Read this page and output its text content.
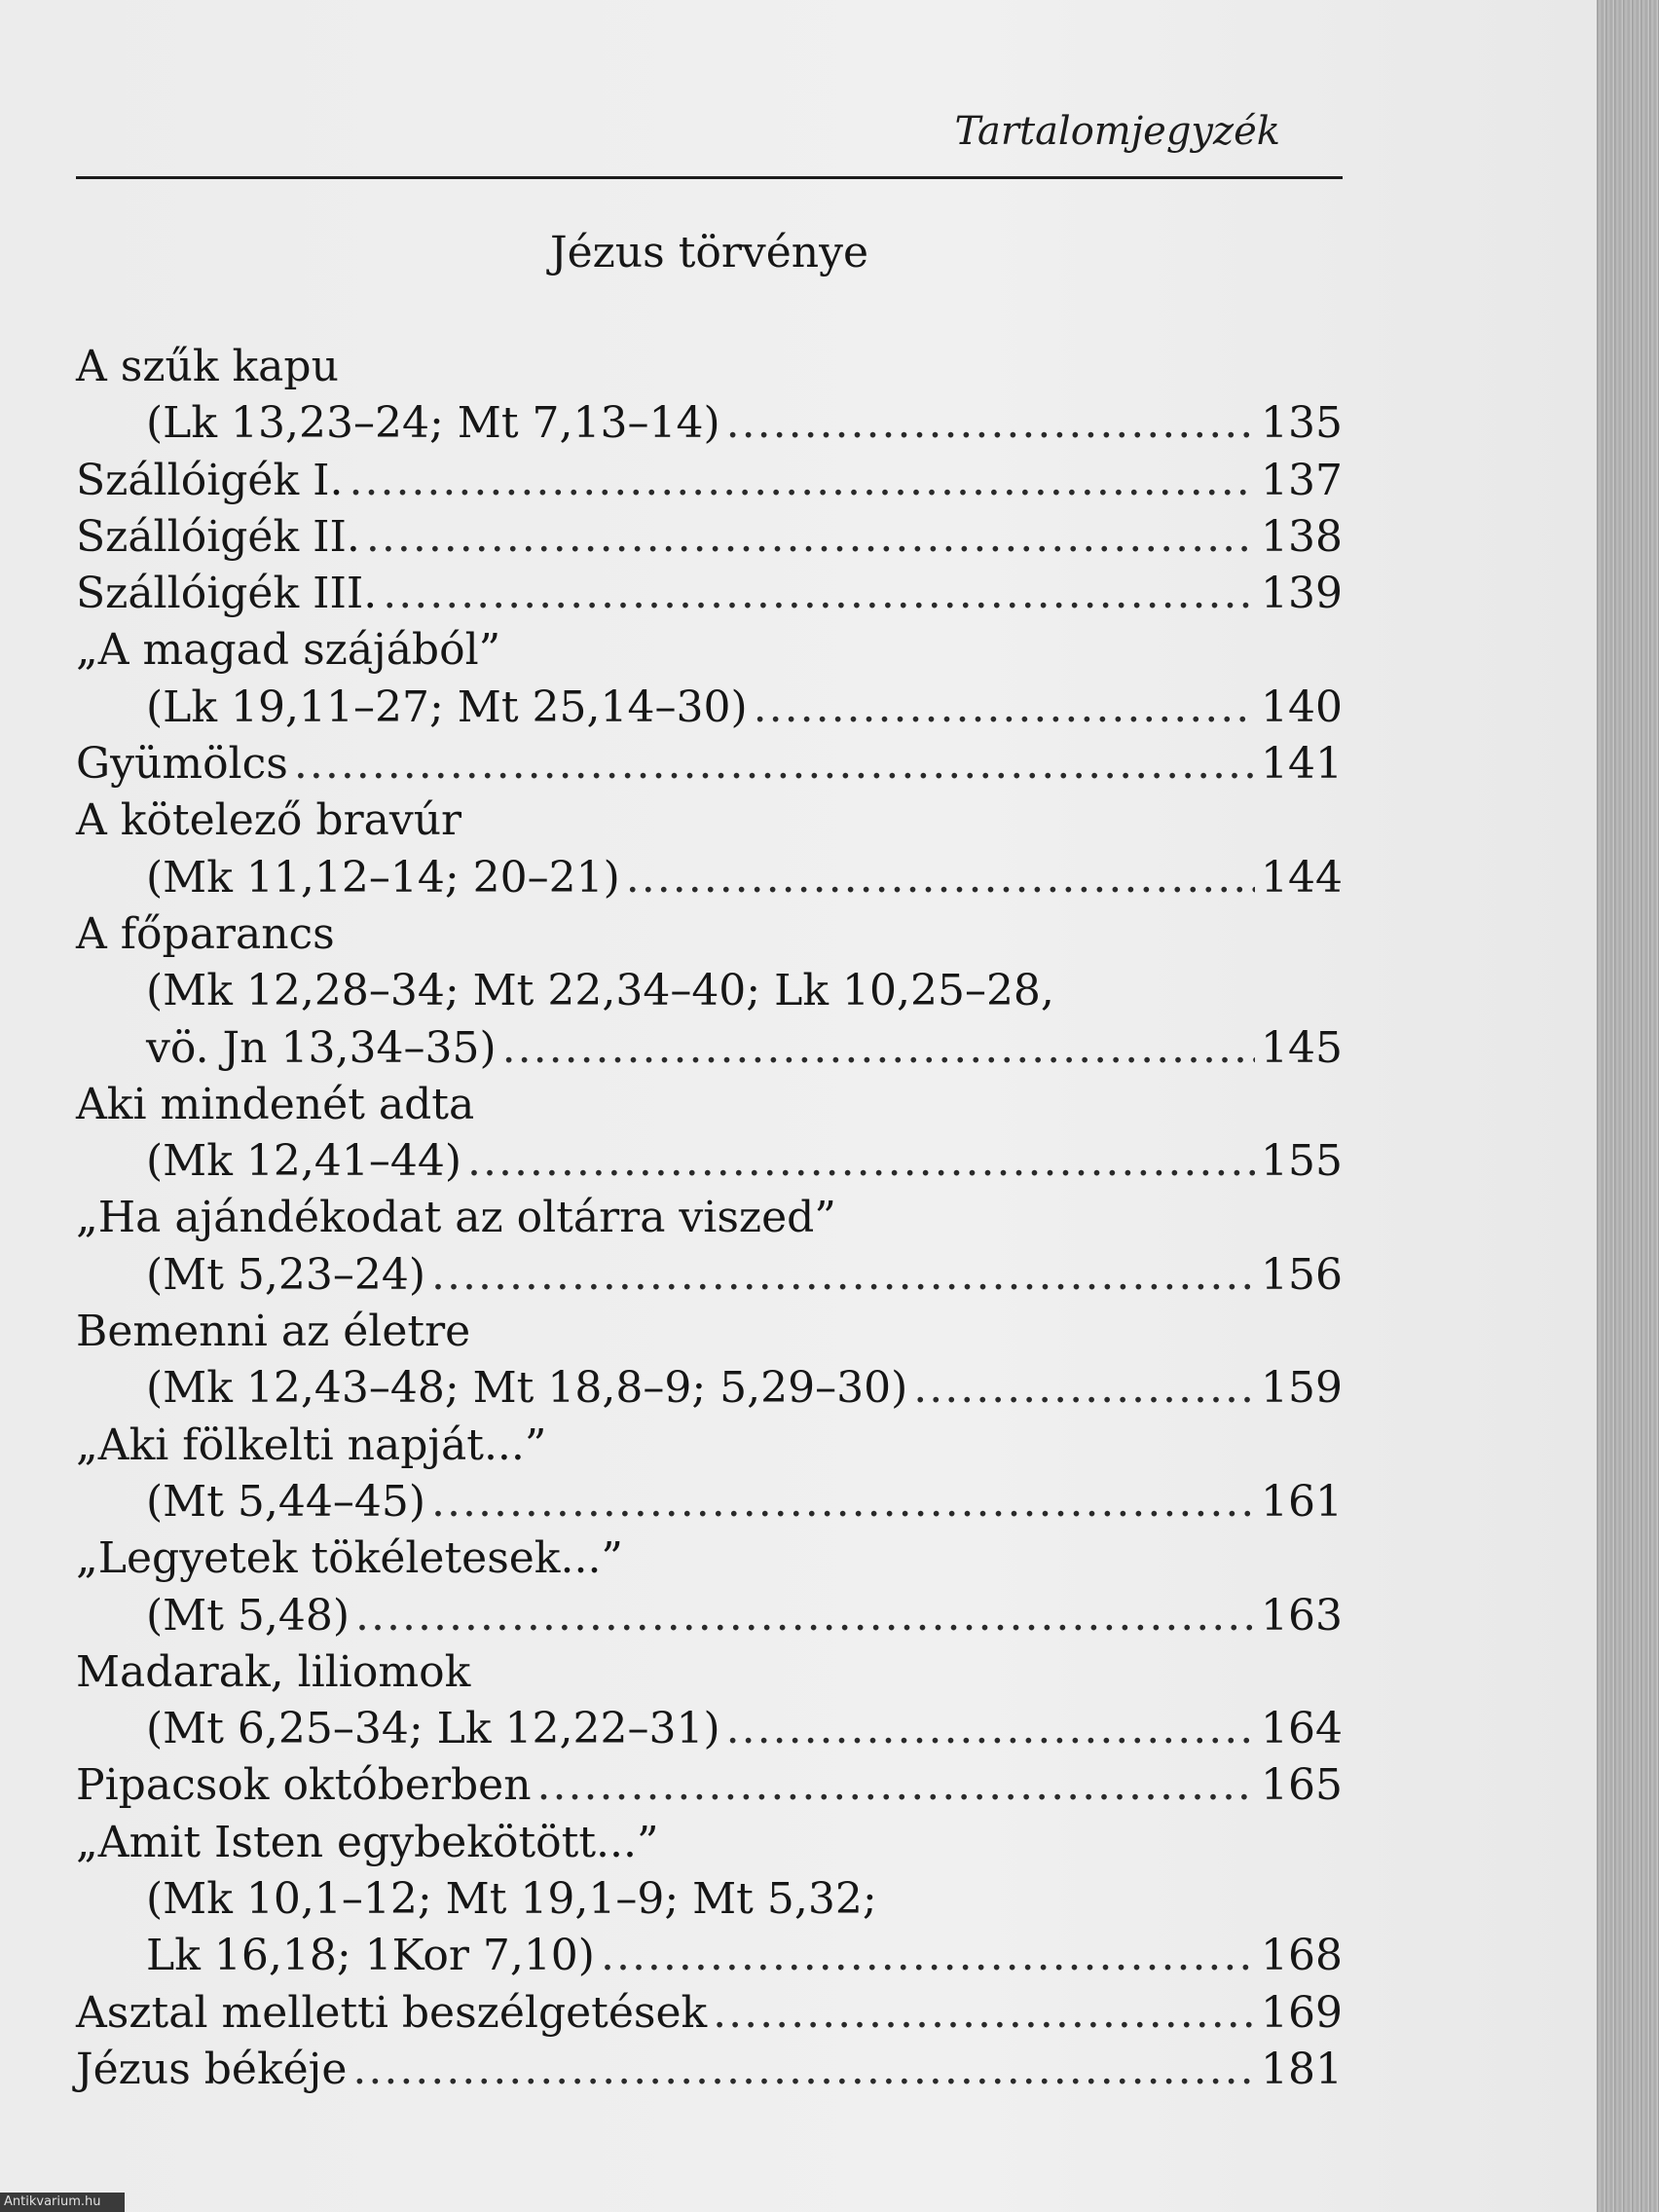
Tartalomjegyzék
Jézus törvénye
A szűk kapu
(Lk 13,23–24; Mt 7,13–14) .....	135
Szállóigék I. .....	137
Szállóigék II. .....	138
Szállóigék III. .....	139
„A magad szájából”
(Lk 19,11–27; Mt 25,14–30) .....	140
Gyümölcs .....	141
A kötelező bravúr
(Mk 11,12–14; 20–21) .....	144
A főparancs
(Mk 12,28–34; Mt 22,34–40; Lk 10,25–28,
vö. Jn 13,34–35) .....	145
Aki mindenét adta
(Mk 12,41–44) .....	155
„Ha ajándékodat az oltárra viszed”
(Mt 5,23–24) .....	156
Bemenni az életre
(Mk 12,43–48; Mt 18,8–9; 5,29–30) .....	159
„Aki fölkelti napját...”
(Mt 5,44–45) .....	161
„Legyetek tökéletesek...”
(Mt 5,48) .....	163
Madarak, liliomok
(Mt 6,25–34; Lk 12,22–31) .....	164
Pipacsok októberben .....	165
„Amit Isten egybekötött...”
(Mk 10,1–12; Mt 19,1–9; Mt 5,32;
Lk 16,18; 1Kor 7,10) .....	168
Asztal melletti beszélgetések .....	169
Jézus békéje .....	181
Antikvarium.hu
